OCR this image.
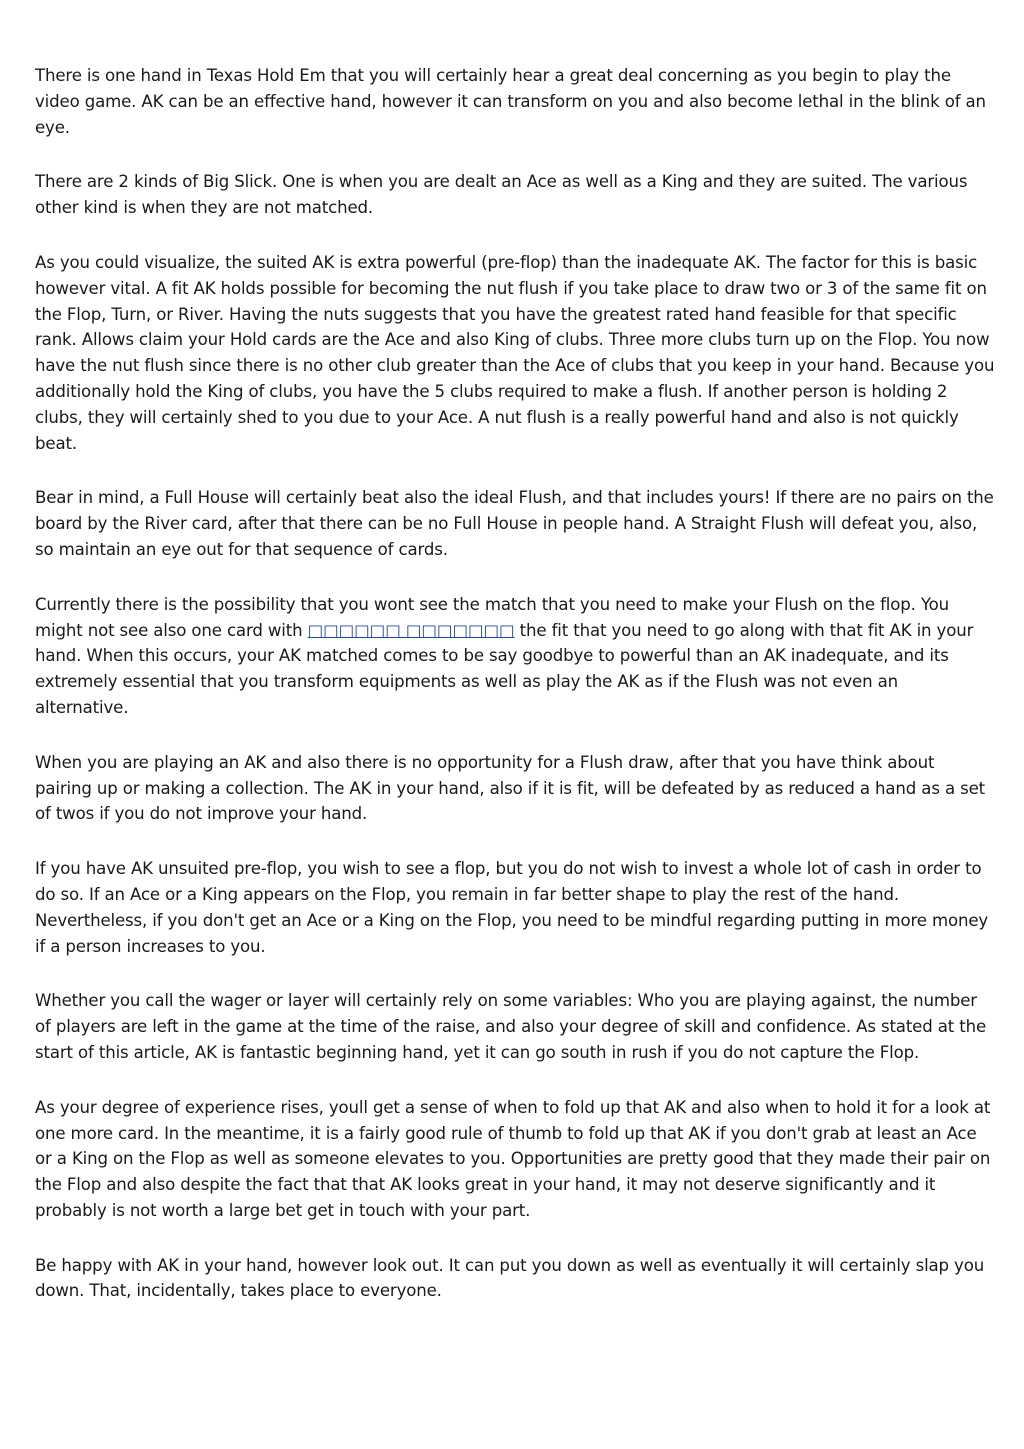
There is one hand in Texas Hold Em that you will certainly hear a great deal concerning as you begin to play the video game. AK can be an effective hand, however it can transform on you and also become lethal in the blink of an eye.

There are 2 kinds of Big Slick. One is when you are dealt an Ace as well as a King and they are suited. The various other kind is when they are not matched.

As you could visualize, the suited AK is extra powerful (pre-flop) than the inadequate AK. The factor for this is basic however vital. A fit AK holds possible for becoming the nut flush if you take place to draw two or 3 of the same fit on the Flop, Turn, or River. Having the nuts suggests that you have the greatest rated hand feasible for that specific rank. Allows claim your Hold cards are the Ace and also King of clubs. Three more clubs turn up on the Flop. You now have the nut flush since there is no other club greater than the Ace of clubs that you keep in your hand. Because you additionally hold the King of clubs, you have the 5 clubs required to make a flush. If another person is holding 2 clubs, they will certainly shed to you due to your Ace. A nut flush is a really powerful hand and also is not quickly beat.

Bear in mind, a Full House will certainly beat also the ideal Flush, and that includes yours! If there are no pairs on the board by the River card, after that there can be no Full House in people hand. A Straight Flush will defeat you, also, so maintain an eye out for that sequence of cards.

Currently there is the possibility that you wont see the match that you need to make your Flush on the flop. You might not see also one card with □□□□□□ □□□□□□□ the fit that you need to go along with that fit AK in your hand. When this occurs, your AK matched comes to be say goodbye to powerful than an AK inadequate, and its extremely essential that you transform equipments as well as play the AK as if the Flush was not even an alternative.

When you are playing an AK and also there is no opportunity for a Flush draw, after that you have think about pairing up or making a collection. The AK in your hand, also if it is fit, will be defeated by as reduced a hand as a set of twos if you do not improve your hand.

If you have AK unsuited pre-flop, you wish to see a flop, but you do not wish to invest a whole lot of cash in order to do so. If an Ace or a King appears on the Flop, you remain in far better shape to play the rest of the hand. Nevertheless, if you don't get an Ace or a King on the Flop, you need to be mindful regarding putting in more money if a person increases to you.

Whether you call the wager or layer will certainly rely on some variables: Who you are playing against, the number of players are left in the game at the time of the raise, and also your degree of skill and confidence. As stated at the start of this article, AK is fantastic beginning hand, yet it can go south in rush if you do not capture the Flop.

As your degree of experience rises, youll get a sense of when to fold up that AK and also when to hold it for a look at one more card. In the meantime, it is a fairly good rule of thumb to fold up that AK if you don't grab at least an Ace or a King on the Flop as well as someone elevates to you. Opportunities are pretty good that they made their pair on the Flop and also despite the fact that that AK looks great in your hand, it may not deserve significantly and it probably is not worth a large bet get in touch with your part.

Be happy with AK in your hand, however look out. It can put you down as well as eventually it will certainly slap you down. That, incidentally, takes place to everyone.
